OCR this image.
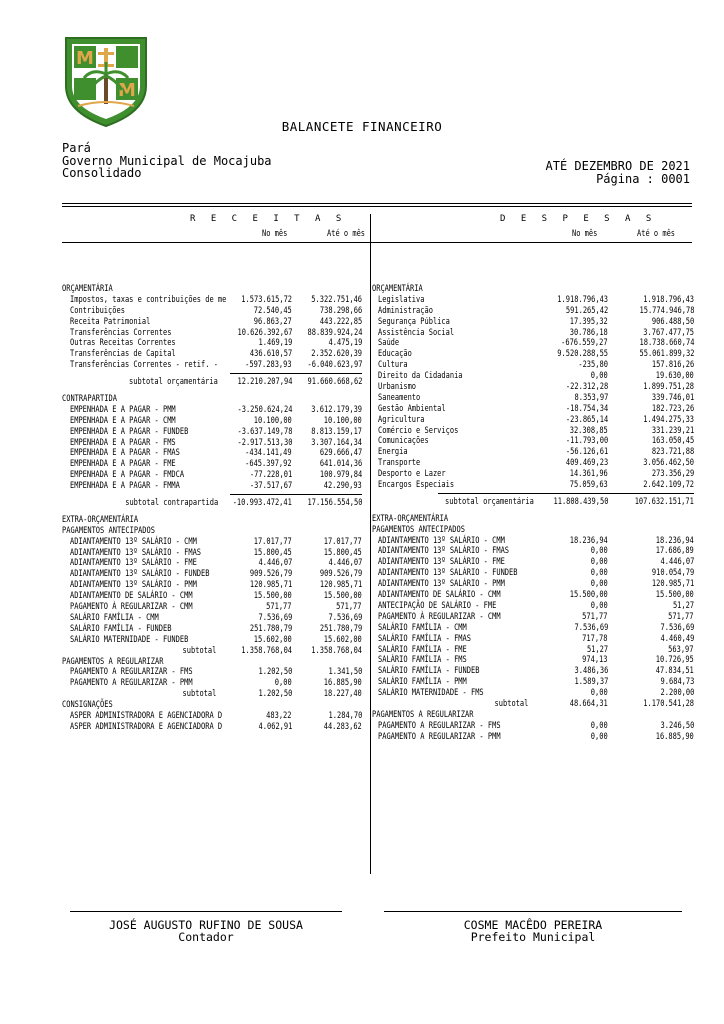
M
M
BALANCETE FINANCEIRO
Pará
Governo Municipal de Mocajuba
Consolidado	ATÉ DEZEMBRO DE 2021
Página : 0001
R E C E I T A S
No mês	Até o mês
D E S P E S A S
No mês	Até o mês
ORÇAMENTÁRIA
Impostos, taxas e contribuições de me 1.573.615,72 5.322.751,46
Contribuições	72.540,45	738.298,66
Receita Patrimonial	96.863,27	443.222,85
Transferências Correntes	10.626.392,67 88.839.924,24
Outras Receitas Correntes	1.469,19	4.475,19
Transferências de Capital	436.610,57 2.352.620,39
Transferências Correntes - retif. -	-597.283,93 -6.040.623,97
subtotal orçamentária 12.210.207,94 91.660.668,62
CONTRAPARTIDA
EMPENHADA E A PAGAR - PMM	-3.250.624,24 3.612.179,39
EMPENHADA E A PAGAR - CMM	10.100,00	10.100,00
EMPENHADA E A PAGAR - FUNDEB	-3.637.149,78 8.813.159,17
EMPENHADA E A PAGAR - FMS	-2.917.513,30 3.307.164,34
EMPENHADA E A PAGAR - FMAS	-434.141,49	629.666,47
EMPENHADA E A PAGAR - FME	-645.397,92	641.014,36
EMPENHADA E A PAGAR - FMDCA	-77.228,01	100.979,84
EMPENHADA E A PAGAR - FMMA	-37.517,67	42.290,93
subtotal contrapartida -10.993.472,41 17.156.554,50
EXTRA-ORÇAMENTÁRIA
PAGAMENTOS ANTECIPADOS
ADIANTAMENTO 13º SALÁRIO - CMM	17.017,77	17.017,77
ADIANTAMENTO 13º SALÁRIO - FMAS	15.800,45	15.800,45
ADIANTAMENTO 13º SALÁRIO - FME	4.446,07	4.446,07
ADIANTAMENTO 13º SALÁRIO - FUNDEB	909.526,79	909.526,79
ADIANTAMENTO 13º SALÁRIO - PMM	120.985,71	120.985,71
ADIANTAMENTO DE SALÁRIO - CMM	15.500,00	15.500,00
PAGAMENTO À REGULARIZAR - CMM	571,77	571,77
SALÁRIO FAMÍLIA - CMM	7.536,69	7.536,69
SALÁRIO FAMÍLIA - FUNDEB	251.780,79	251.780,79
SALÁRIO MATERNIDADE - FUNDEB	15.602,00	15.602,00
subtotal	1.358.768,04 1.358.768,04
PAGAMENTOS A REGULARIZAR
PAGAMENTO A REGULARIZAR - FMS	1.202,50	1.341,50
PAGAMENTO A REGULARIZAR - PMM	0,00	16.885,90
subtotal	1.202,50	18.227,40
CONSIGNAÇÕES
ASPER ADMINISTRADORA E AGENCIADORA D	483,22	1.284,70
ASPER ADMINISTRADORA E AGENCIADORA D	4.062,91	44.283,62
ORÇAMENTÁRIA
Legislativa	1.918.796,43	1.918.796,43
Administração	591.265,42	15.774.946,78
Segurança Pública	17.395,32	906.488,50
Assistência Social	30.786,18	3.767.477,75
Saúde	-676.559,27	18.738.660,74
Educação	9.520.288,55	55.061.899,32
Cultura	-235,80	157.816,26
Direito da Cidadania	0,00	19.630,00
Urbanismo	-22.312,28	1.899.751,28
Saneamento	8.353,97	339.746,01
Gestão Ambiental	-18.754,34	182.723,26
Agricultura	-23.865,14	1.494.275,33
Comércio e Serviços	32.308,85	331.239,21
Comunicações	-11.793,00	163.050,45
Energia	-56.126,61	823.721,88
Transporte	409.469,23	3.056.462,50
Desporto e Lazer	14.361,96	273.356,29
Encargos Especiais	75.059,63	2.642.109,72
subtotal orçamentária 11.808.439,50	107.632.151,71
EXTRA-ORÇAMENTÁRIA
PAGAMENTOS ANTECIPADOS
ADIANTAMENTO 13º SALÁRIO - CMM	18.236,94	18.236,94
ADIANTAMENTO 13º SALÁRIO - FMAS	0,00	17.686,89
ADIANTAMENTO 13º SALÁRIO - FME	0,00	4.446,07
ADIANTAMENTO 13º SALÁRIO - FUNDEB	0,00	910.054,79
ADIANTAMENTO 13º SALÁRIO - PMM	0,00	120.985,71
ADIANTAMENTO DE SALÁRIO - CMM	15.500,00	15.500,00
ANTECIPAÇÃO DE SALÁRIO - FME	0,00	51,27
PAGAMENTO À REGULARIZAR - CMM	571,77	571,77
SALÁRIO FAMÍLIA - CMM	7.536,69	7.536,69
SALÁRIO FAMÍLIA - FMAS	717,78	4.460,49
SALÁRIO FAMÍLIA - FME	51,27	563,97
SALÁRIO FAMÍLIA - FMS	974,13	10.726,95
SALÁRIO FAMÍLIA - FUNDEB	3.486,36	47.834,51
SALÁRIO FAMÍLIA - PMM	1.589,37	9.684,73
SALÁRIO MATERNIDADE - FMS	0,00	2.200,00
subtotal	48.664,31	1.170.541,28
PAGAMENTOS A REGULARIZAR
PAGAMENTO A REGULARIZAR - FMS	0,00	3.246,50
PAGAMENTO A REGULARIZAR - PMM	0,00	16.885,90
JOSÉ AUGUSTO RUFINO DE SOUSA
Contador
COSME MACÊDO PEREIRA
Prefeito Municipal
